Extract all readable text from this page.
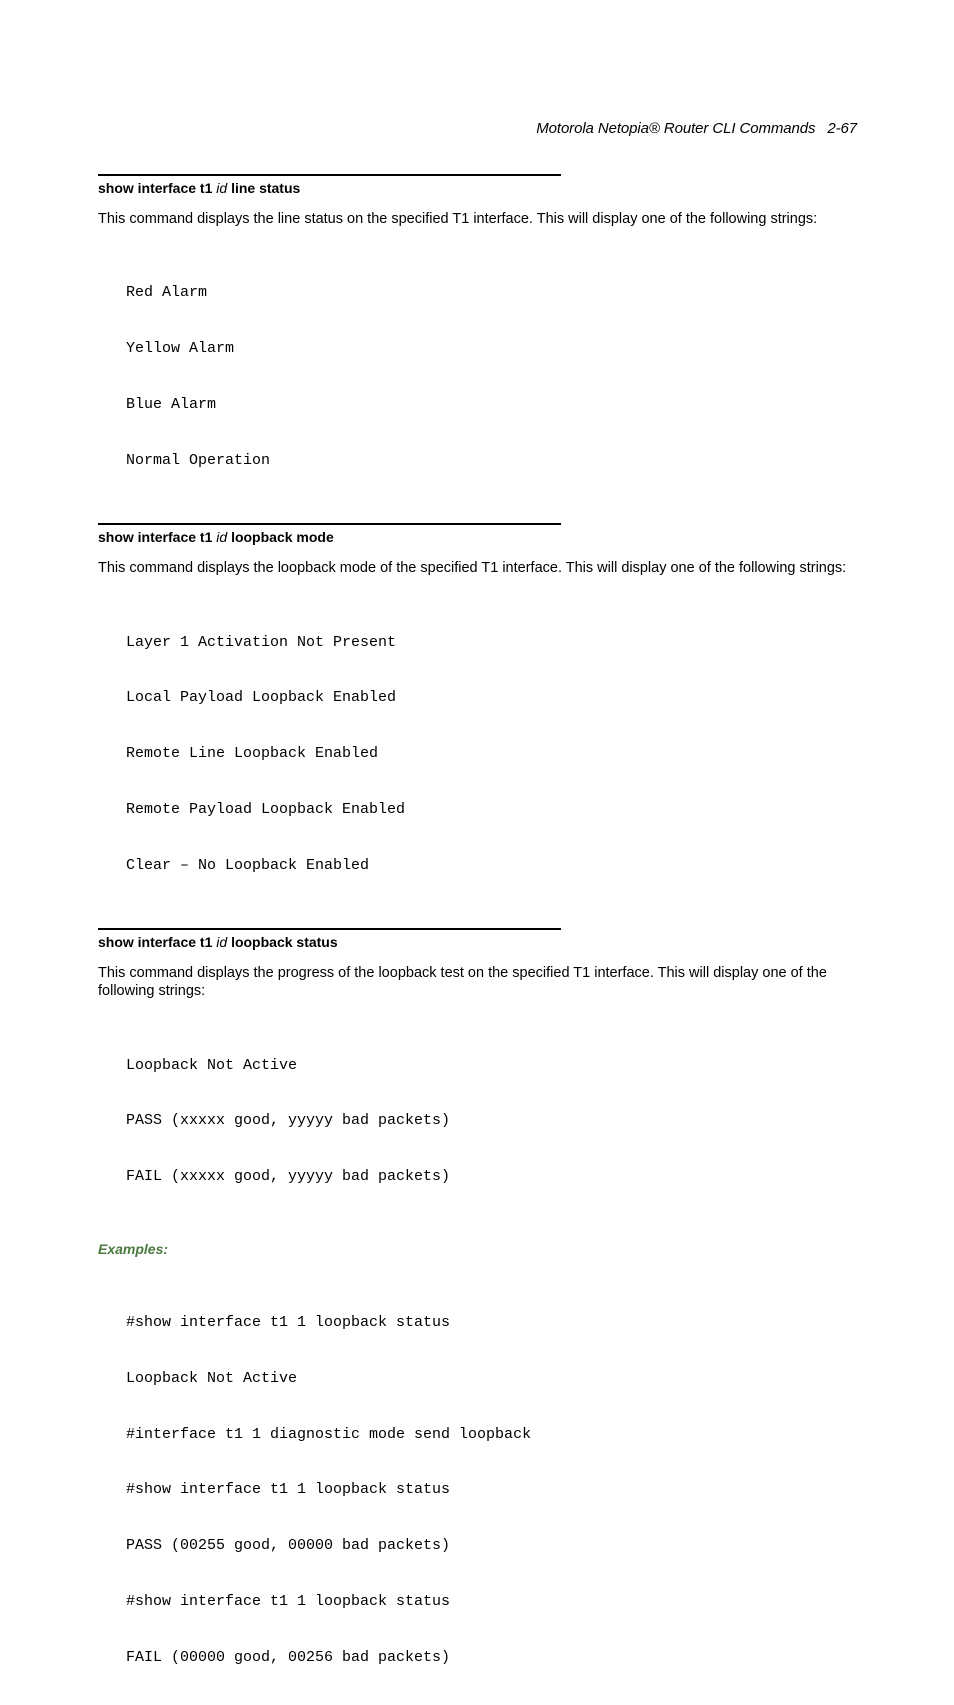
Motorola Netopia® Router CLI Commands 2-67
show interface t1 id line status
This command displays the line status on the specified T1 interface. This will display one of the following strings:

Red Alarm

Yellow Alarm

Blue Alarm

Normal Operation

show interface t1 id loopback mode
This command displays the loopback mode of the specified T1 interface. This will display one of the following strings:

Layer 1 Activation Not Present

Local Payload Loopback Enabled

Remote Line Loopback Enabled

Remote Payload Loopback Enabled

Clear – No Loopback Enabled

show interface t1 id loopback status
This command displays the progress of the loopback test on the specified T1 interface. This will display one of the following strings:

Loopback Not Active

PASS (xxxxx good, yyyyy bad packets)

FAIL (xxxxx good, yyyyy bad packets)

Examples:

#show interface t1 1 loopback status

Loopback Not Active

#interface t1 1 diagnostic mode send loopback

#show interface t1 1 loopback status

PASS (00255 good, 00000 bad packets)

#show interface t1 1 loopback status

FAIL (00000 good, 00256 bad packets)
